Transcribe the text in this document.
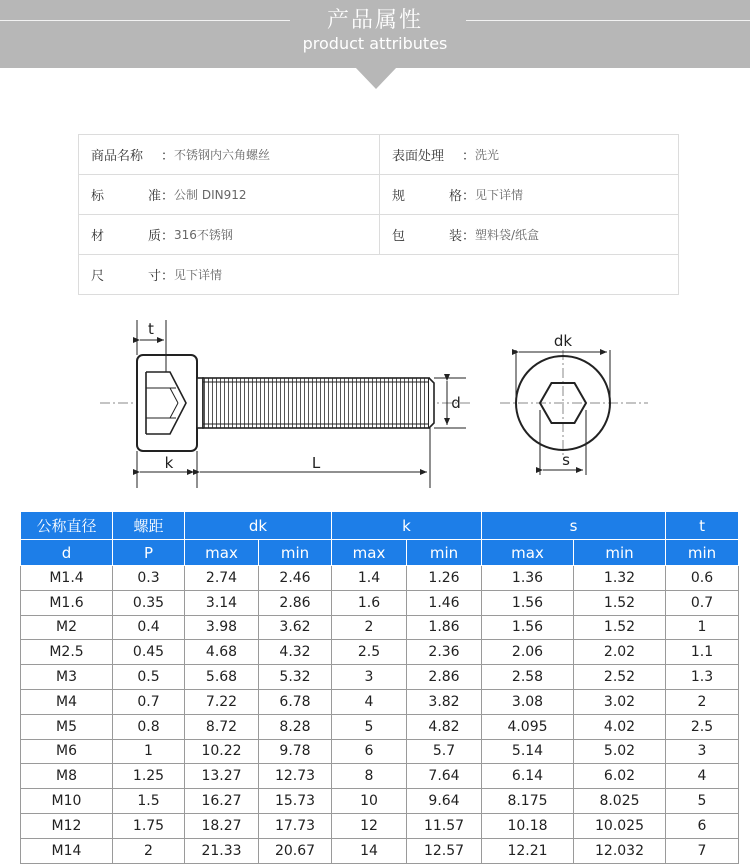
产品属性
product attributes
商品名称 ： 不锈钢内六角螺丝	表面处理 ： 洗光

标 准 ： 公制 DIN912	规 格 ： 见下详情

材 质 ： 316不锈钢	包 装 ： 塑料袋/纸盒

尺 寸 ： 见下详情	
t
k	L
d
dk
s
公称直径	螺距	dk		k		s		t
d	P	max	min	max	min	max	min	min
M1.4	0.3	2.74	2.46	1.4	1.26	1.36	1.32	0.6
M1.6	0.35	3.14	2.86	1.6	1.46	1.56	1.52	0.7
M2	0.4	3.98	3.62	2	1.86	1.56	1.52	1
M2.5	0.45	4.68	4.32	2.5	2.36	2.06	2.02	1.1
M3	0.5	5.68	5.32	3	2.86	2.58	2.52	1.3
M4	0.7	7.22	6.78	4	3.82	3.08	3.02	2
M5	0.8	8.72	8.28	5	4.82	4.095	4.02	2.5
M6	1	10.22	9.78	6	5.7	5.14	5.02	3
M8	1.25	13.27	12.73	8	7.64	6.14	6.02	4
M10	1.5	16.27	15.73	10	9.64	8.175	8.025	5
M12	1.75	18.27	17.73	12	11.57	10.18	10.025	6
M14	2	21.33	20.67	14	12.57	12.21	12.032	7
